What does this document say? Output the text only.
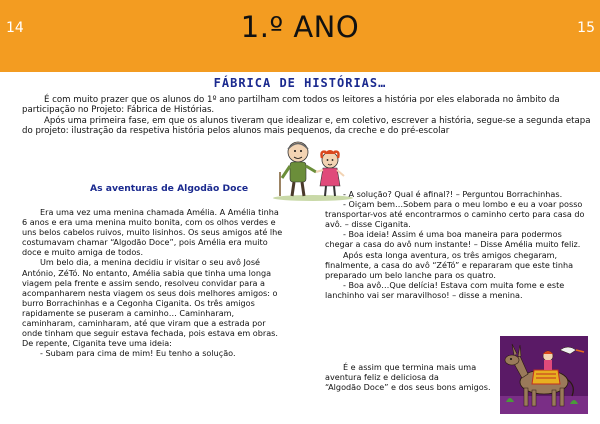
14	1.º ANO	15
FÁBRICA DE HISTÓRIAS…

É com muito prazer que os alunos do 1º ano partilham com todos os leitores a história por eles elaborada no âmbito da participação no Projeto: Fábrica de Histórias.

Após uma primeira fase, em que os alunos tiveram que idealizar e, em coletivo, escrever a história, segue-se a segunda etapa do projeto: ilustração da respetiva história pelos alunos mais pequenos, da creche e do pré-escolar

As aventuras de Algodão Doce

Era uma vez uma menina chamada Amélia. A Amélia tinha 6 anos e era uma menina muito bonita, com os olhos verdes e uns belos cabelos ruivos, muito lisinhos. Os seus amigos até lhe costumavam chamar “Algodão Doce”, pois Amélia era muito doce e muito amiga de todos.

Um belo dia, a menina decidiu ir visitar o seu avô José António, ZéTó. No entanto, Amélia sabia que tinha uma longa viagem pela frente e assim sendo, resolveu convidar para a acompanharem nesta viagem os seus dois melhores amigos: o burro Borrachinhas e a Cegonha Ciganita. Os três amigos rapidamente se puseram a caminho… Caminharam, caminharam, caminharam, até que viram que a estrada por onde tinham que seguir estava fechada, pois estava em obras. De repente, Ciganita teve uma ideia:

- Subam para cima de mim! Eu tenho a solução.

- A solução? Qual é afinal?! – Perguntou Borrachinhas.

- Oiçam bem…Sobem para o meu lombo e eu a voar posso transportar-vos até encontrarmos o caminho certo para casa do avô. – disse Ciganita.

- Boa ideia! Assim é uma boa maneira para podermos chegar a casa do avô num instante! – Disse Amélia muito feliz.

Após esta longa aventura, os três amigos chegaram, finalmente, a casa do avô “ZéTó” e repararam que este tinha preparado um belo lanche para os quatro.

- Boa avô…Que delícia! Estava com muita fome e este lanchinho vai ser maravilhoso! – disse a menina.

É e assim que termina mais uma aventura feliz e deliciosa da

“Algodão Doce” e dos seus bons amigos.
